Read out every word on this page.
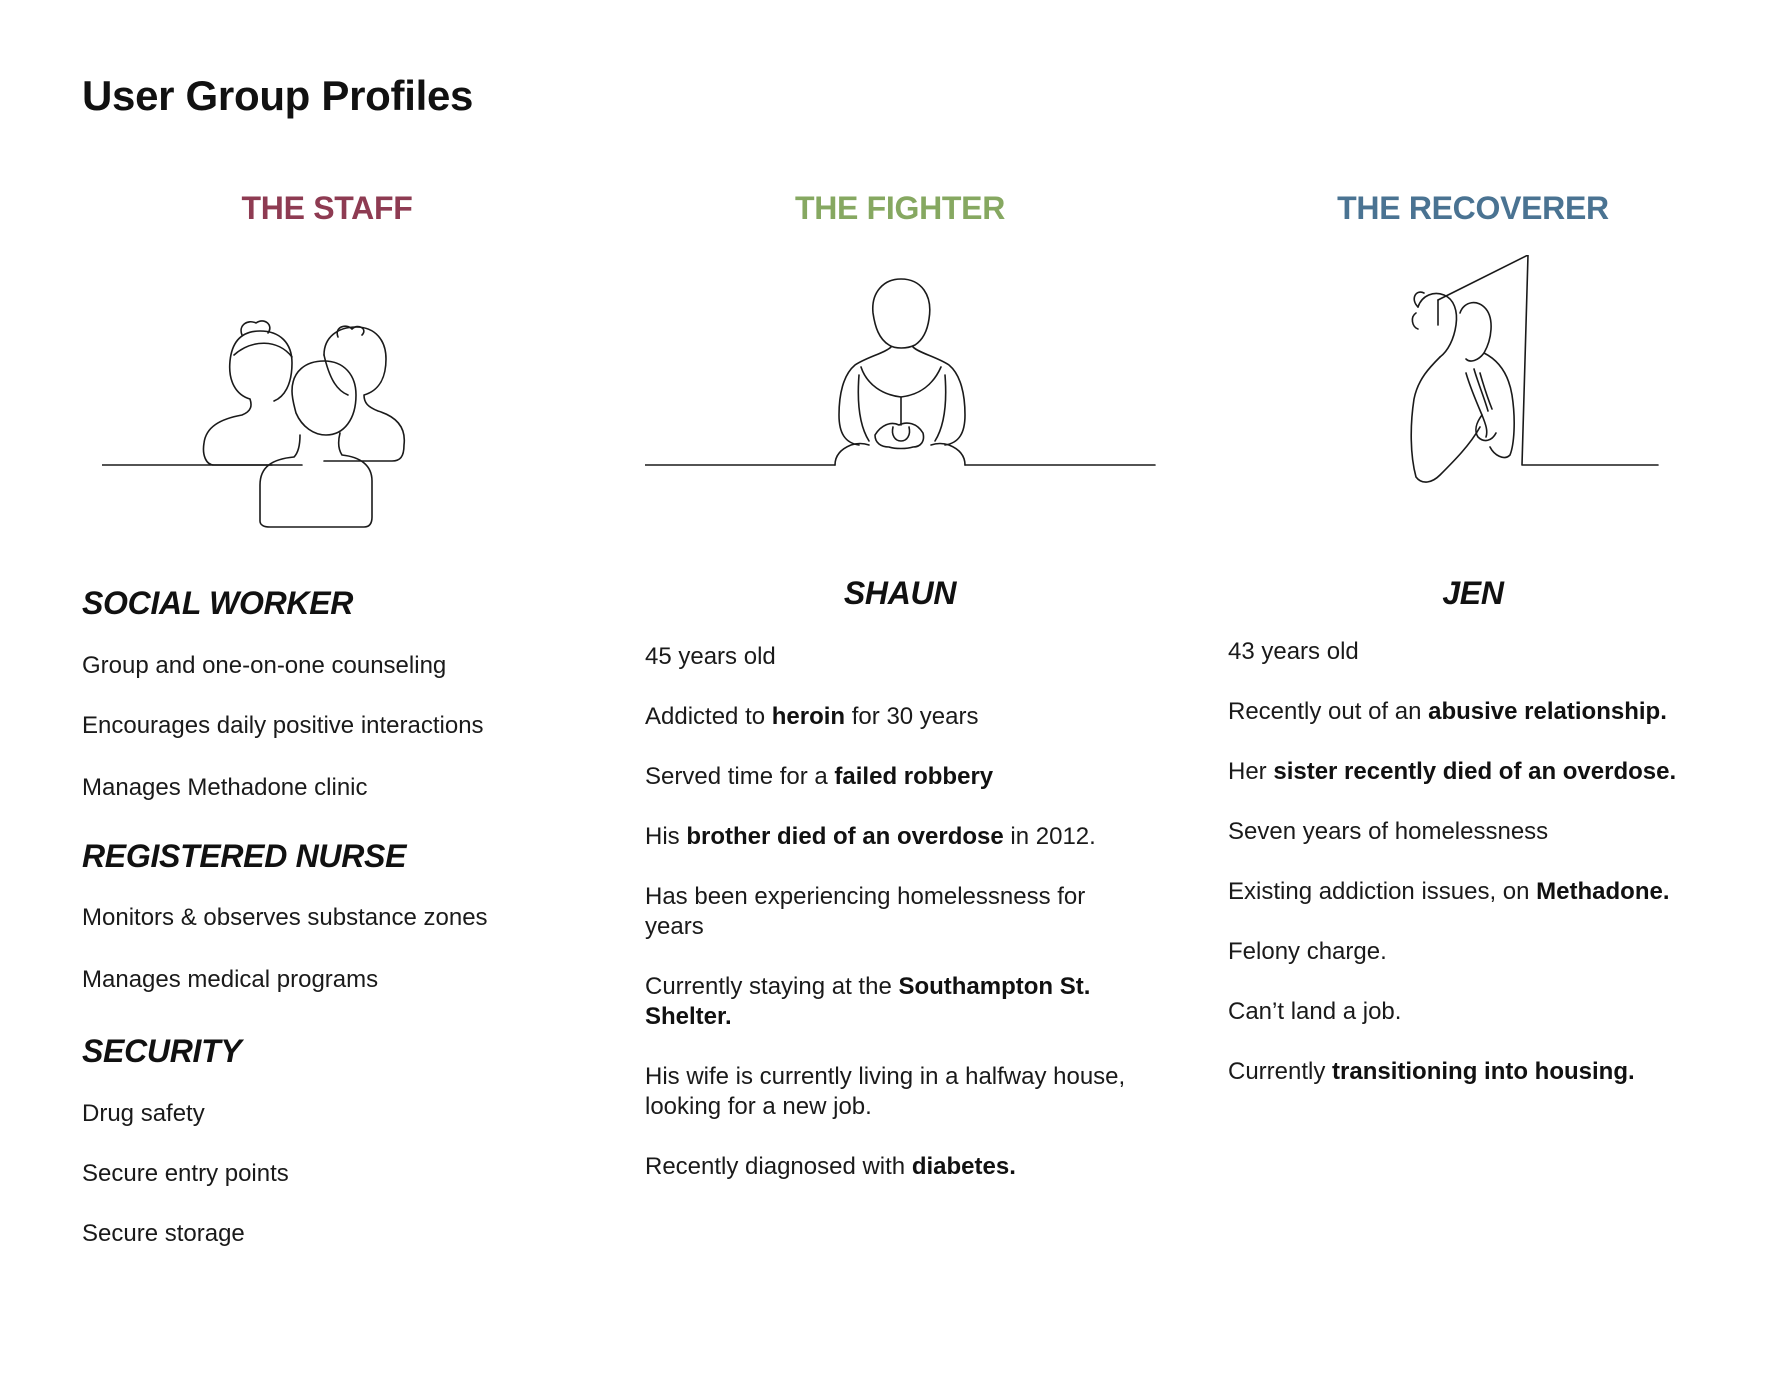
User Group Profiles
THE STAFF
SOCIAL WORKER

Group and one-on-one counseling

Encourages daily positive interactions

Manages Methadone clinic

REGISTERED NURSE

Monitors & observes substance zones

Manages medical programs

SECURITY

Drug safety

Secure entry points

Secure storage

THE FIGHTER
SHAUN

45 years old

Addicted to heroin for 30 years

Served time for a failed robbery

His brother died of an overdose in 2012.

Has been experiencing homelessness for years

Currently staying at the Southampton St. Shelter.

His wife is currently living in a halfway house, looking for a new job.

Recently diagnosed with diabetes.

THE RECOVERER
JEN

43 years old

Recently out of an abusive relationship.

Her sister recently died of an overdose.

Seven years of homelessness

Existing addiction issues, on Methadone.

Felony charge.

Can’t land a job.

Currently transitioning into housing.
